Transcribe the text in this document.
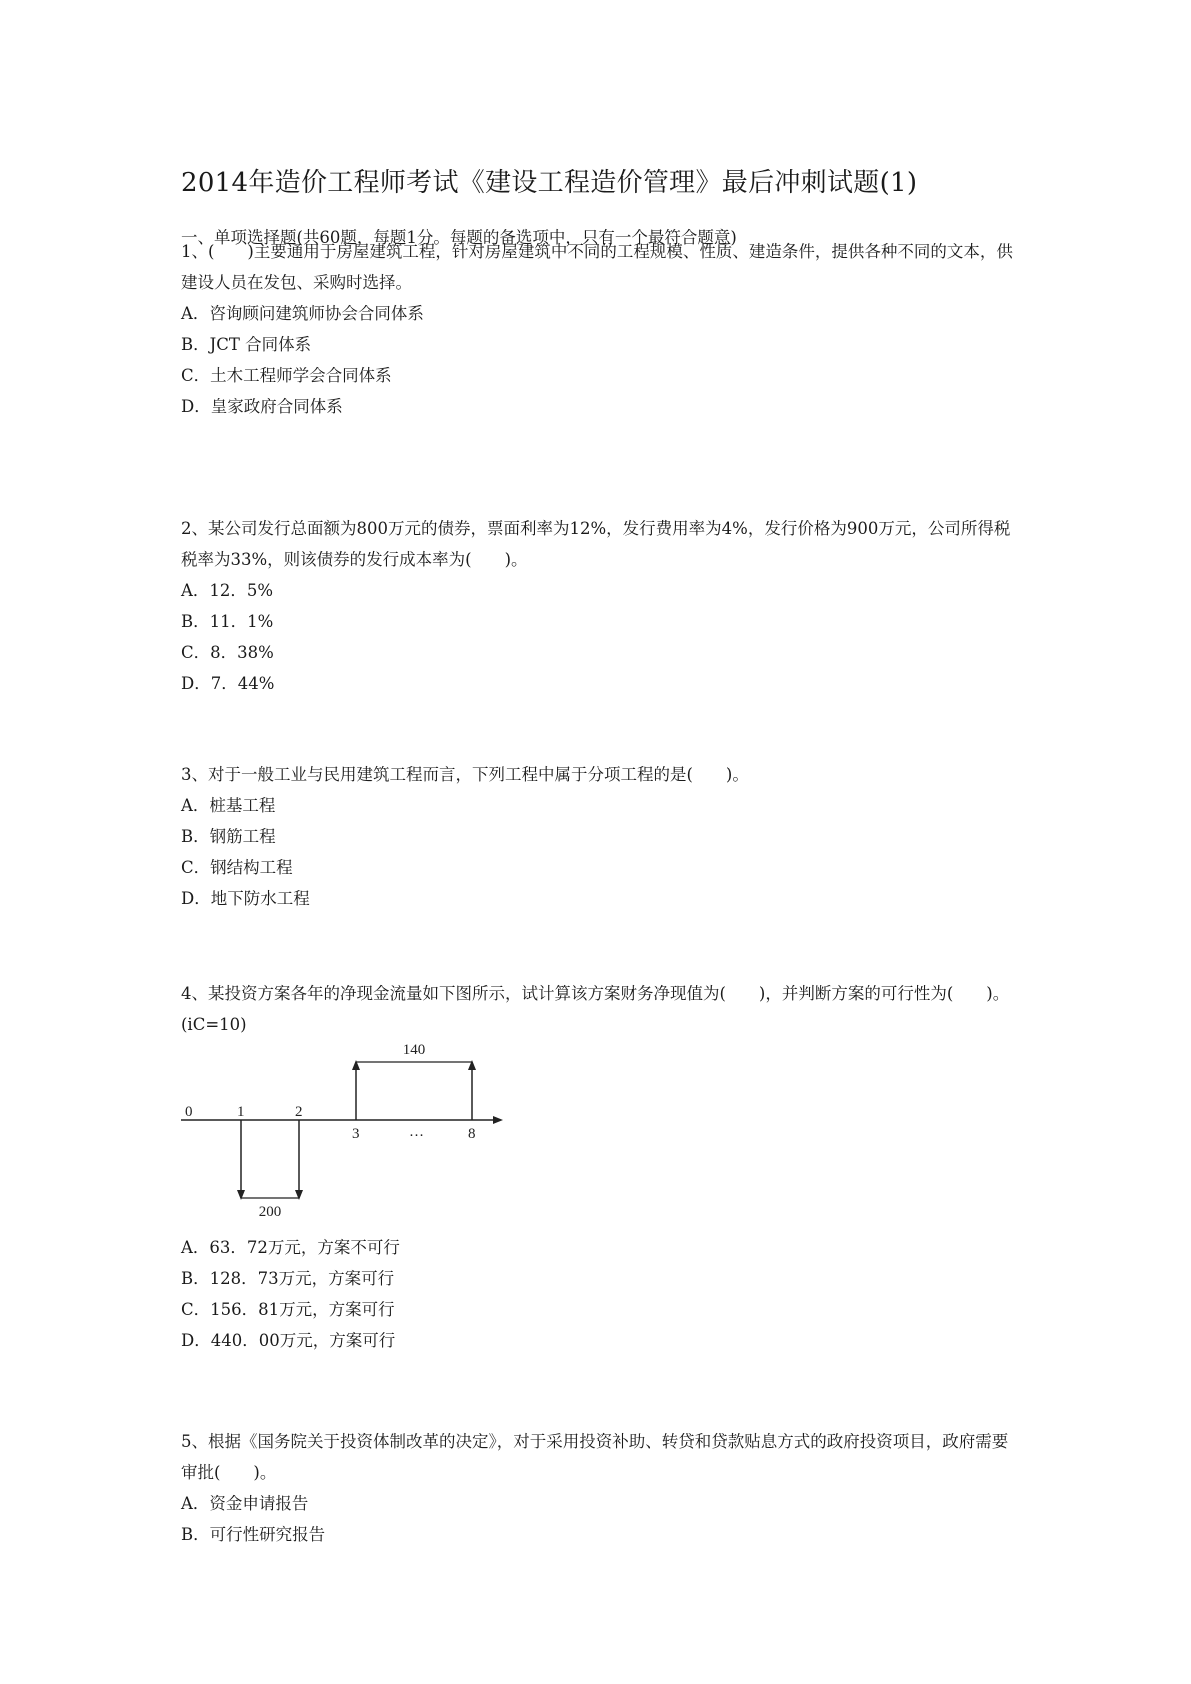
2014年造价工程师考试《建设工程造价管理》最后冲刺试题(1)
一、单项选择题(共60题，每题1分。每题的备选项中，只有一个最符合题意)

1、(　　)主要通用于房屋建筑工程，针对房屋建筑中不同的工程规模、性质、建造条件，提供各种不同的文本，供建设人员在发包、采购时选择。

A．咨询顾问建筑师协会合同体系

B．JCT 合同体系

C．土木工程师学会合同体系

D．皇家政府合同体系

2、某公司发行总面额为800万元的债券，票面利率为12%，发行费用率为4%，发行价格为900万元，公司所得税税率为33%，则该债券的发行成本率为(　　)。

A．12．5%

B．11．1%

C．8．38%

D．7．44%

3、对于一般工业与民用建筑工程而言，下列工程中属于分项工程的是(　　)。

A．桩基工程

B．钢筋工程

C．钢结构工程

D．地下防水工程

4、某投资方案各年的净现金流量如下图所示，试计算该方案财务净现值为(　　)，并判断方案的可行性为(　　)。(iC=10)

140
200
0	1	2
3	…	8

A．63．72万元，方案不可行

B．128．73万元，方案可行

C．156．81万元，方案可行

D．440．00万元，方案可行

5、根据《国务院关于投资体制改革的决定》，对于采用投资补助、转贷和贷款贴息方式的政府投资项目，政府需要审批(　　)。

A．资金申请报告

B．可行性研究报告
